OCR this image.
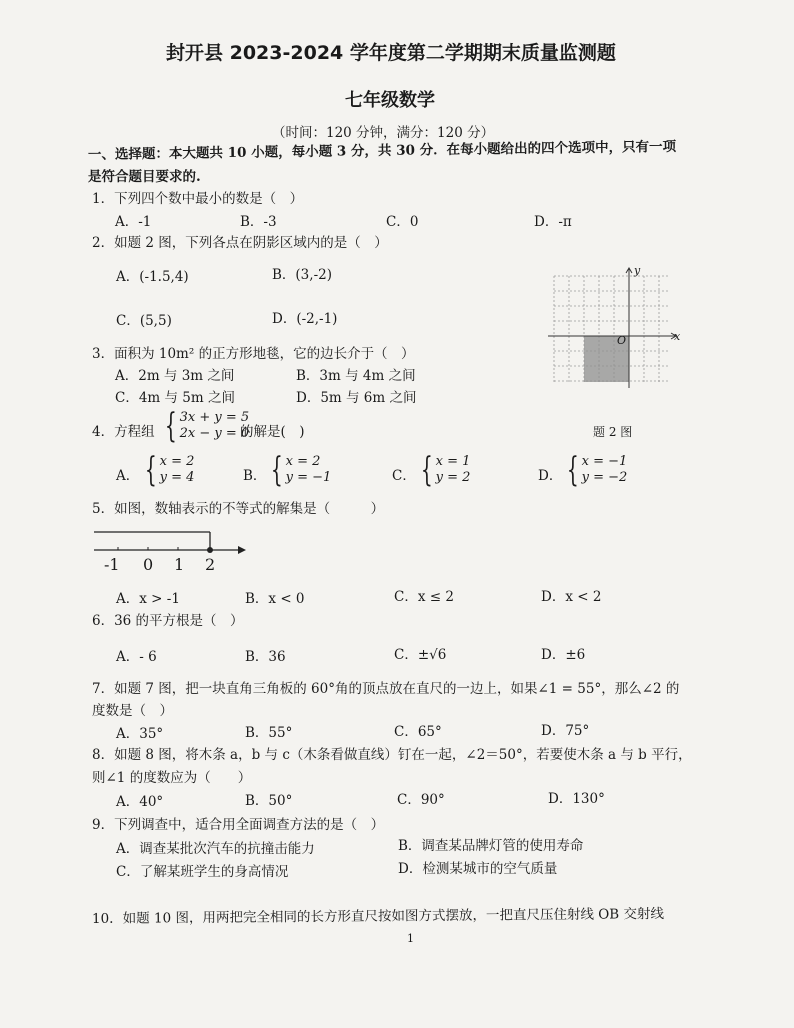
封开县 2023-2024 学年度第二学期期末质量监测题
七年级数学
（时间：120 分钟，满分：120 分）
一、选择题：本大题共 10 小题，每小题 3 分，共 30 分．在每小题给出的四个选项中，只有一项
是符合题目要求的.
1．下列四个数中最小的数是（　）
A．-1	B．-3	C．0	D．-π
2．如题 2 图，下列各点在阴影区域内的是（　）
A．(-1.5,4)	B．(3,-2)
C．(5,5)	D．(-2,-1)
y
x
O
题 2 图
3．面积为 10m² 的正方形地毯，它的边长介于（　）
A．2m 与 3m 之间	B．3m 与 4m 之间
C．4m 与 5m 之间	D．5m 与 6m 之间
4．方程组 { 3x + y = 5
2x − y = 0
的解是(　)
A． { x = 2
y = 4	B． { x = 2
y = −1	C． { x = 1
y = 2	D． { x = −1
y = −2
5．如图，数轴表示的不等式的解集是（　　　）
-1 0 1 2
A．x > -1	B．x < 0	C．x ≤ 2	D．x < 2
6．36 的平方根是（　）
A．- 6	B．36	C．±√6	D．±6
7．如题 7 图，把一块直角三角板的 60°角的顶点放在直尺的一边上，如果∠1 = 55°，那么∠2 的
度数是（　）
A．35°	B．55°	C．65°	D．75°
8．如题 8 图，将木条 a，b 与 c（木条看做直线）钉在一起，∠2＝50°，若要使木条 a 与 b 平行，
则∠1 的度数应为（　　）
A．40°	B．50°	C．90°	D．130°
9．下列调查中，适合用全面调查方法的是（　）
A．调查某批次汽车的抗撞击能力	B．调查某品牌灯管的使用寿命
C．了解某班学生的身高情况	D．检测某城市的空气质量
10．如题 10 图，用两把完全相同的长方形直尺按如图方式摆放，一把直尺压住射线 OB 交射线
1
